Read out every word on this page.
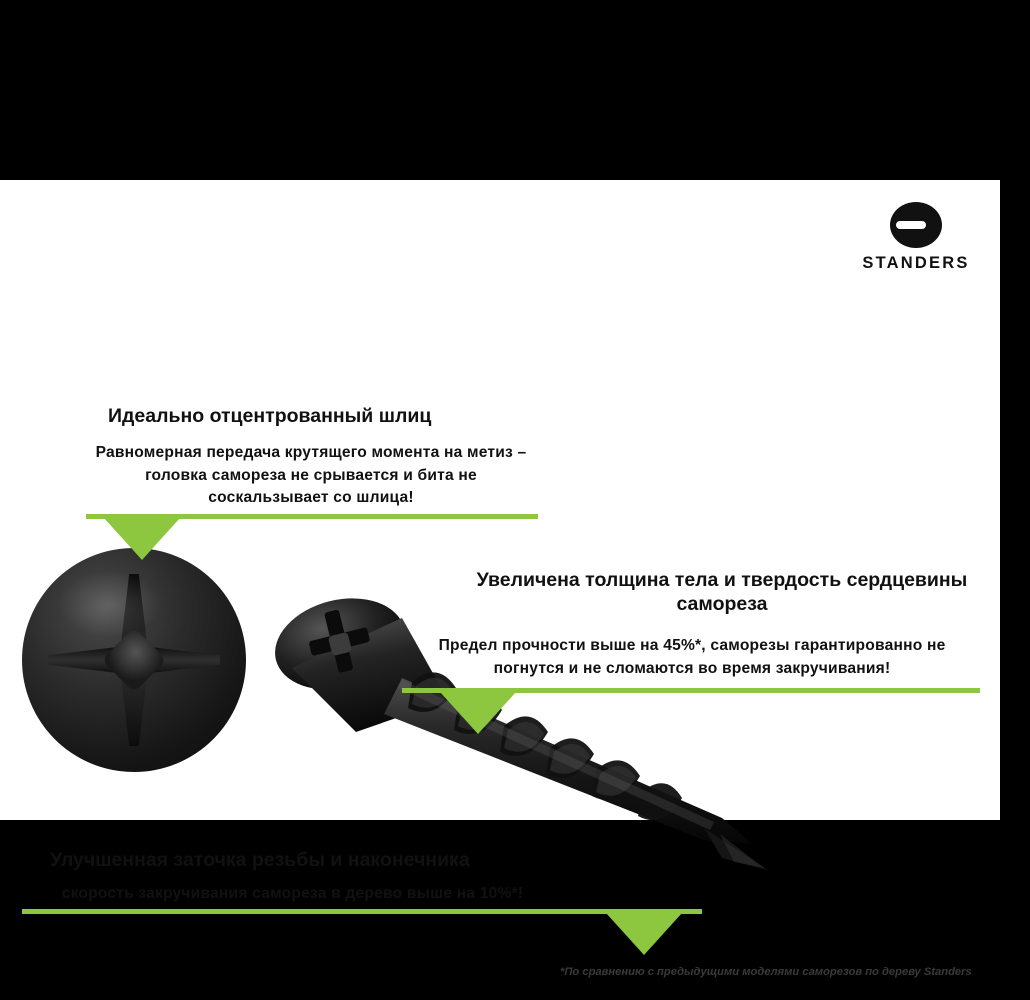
STANDERS
Идеально отцентрованный шлиц
Равномерная передача крутящего момента на метиз – головка самореза не срывается и бита не соскальзывает со шлица!
Увеличена толщина тела и твердость сердцевины самореза
Предел прочности выше на 45%*, саморезы гарантированно не погнутся и не сломаются во время закручивания!
Улучшенная заточка резьбы и наконечника
скорость закручивания самореза в дерево выше на 10%*!
*По сравнению с предыдущими моделями саморезов по дереву Standers
